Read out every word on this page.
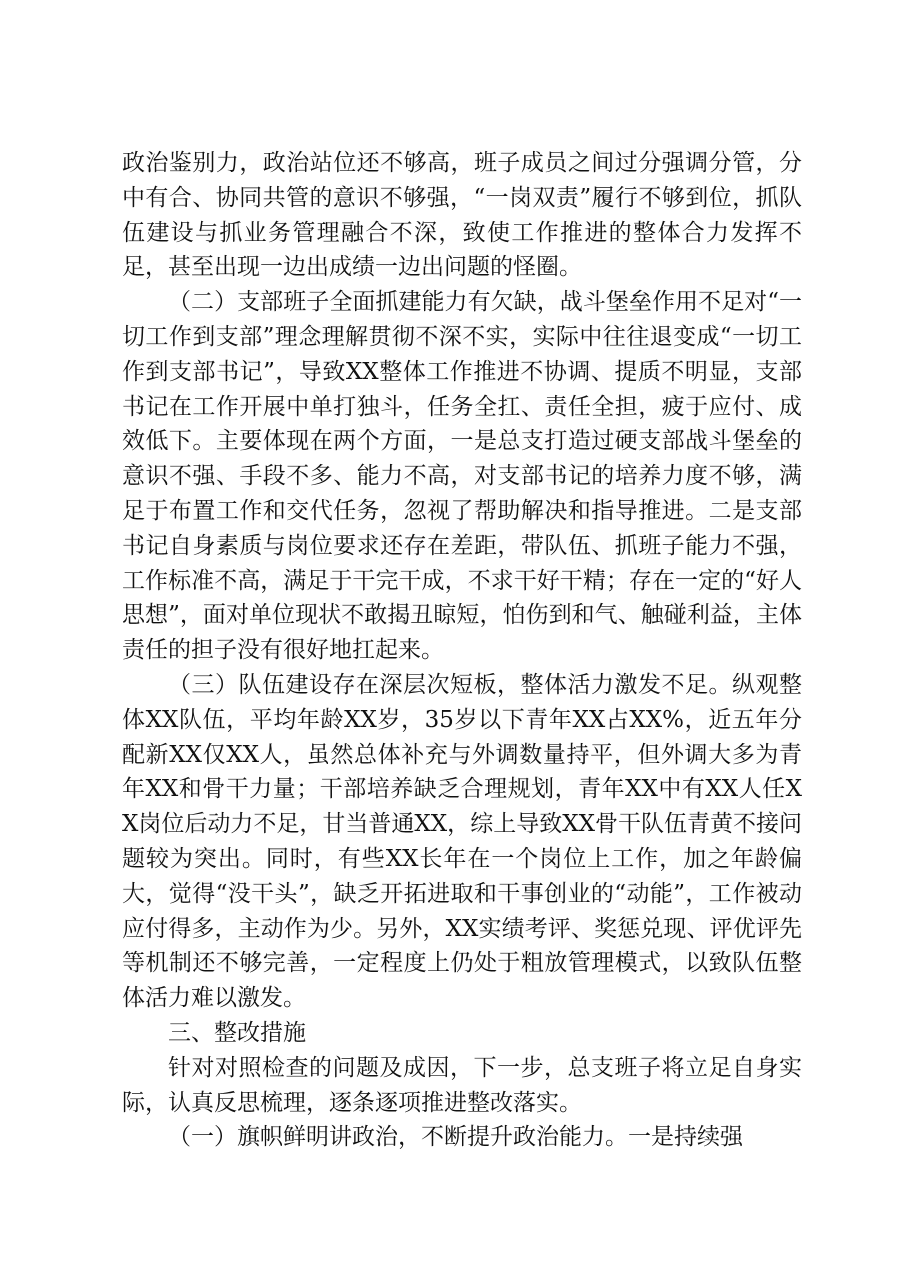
政治鉴别力，政治站位还不够高，班子成员之间过分强调分管，分中有合、协同共管的意识不够强，“一岗双责”履行不够到位，抓队伍建设与抓业务管理融合不深，致使工作推进的整体合力发挥不足，甚至出现一边出成绩一边出问题的怪圈。

（二）支部班子全面抓建能力有欠缺，战斗堡垒作用不足对“一切工作到支部”理念理解贯彻不深不实，实际中往往退变成“一切工作到支部书记”，导致XX整体工作推进不协调、提质不明显，支部书记在工作开展中单打独斗，任务全扛、责任全担，疲于应付、成效低下。主要体现在两个方面，一是总支打造过硬支部战斗堡垒的意识不强、手段不多、能力不高，对支部书记的培养力度不够，满足于布置工作和交代任务，忽视了帮助解决和指导推进。二是支部书记自身素质与岗位要求还存在差距，带队伍、抓班子能力不强，工作标准不高，满足于干完干成，不求干好干精；存在一定的“好人思想”，面对单位现状不敢揭丑晾短，怕伤到和气、触碰利益，主体责任的担子没有很好地扛起来。

（三）队伍建设存在深层次短板，整体活力激发不足。纵观整体XX队伍，平均年龄XX岁，35岁以下青年XX占XX%，近五年分配新XX仅XX人，虽然总体补充与外调数量持平，但外调大多为青年XX和骨干力量；干部培养缺乏合理规划，青年XX中有XX人任XX岗位后动力不足，甘当普通XX，综上导致XX骨干队伍青黄不接问题较为突出。同时，有些XX长年在一个岗位上工作，加之年龄偏大，觉得“没干头”，缺乏开拓进取和干事创业的“动能”，工作被动应付得多，主动作为少。另外，XX实绩考评、奖惩兑现、评优评先等机制还不够完善，一定程度上仍处于粗放管理模式，以致队伍整体活力难以激发。

三、整改措施

针对对照检查的问题及成因，下一步，总支班子将立足自身实际，认真反思梳理，逐条逐项推进整改落实。

（一）旗帜鲜明讲政治，不断提升政治能力。一是持续强
